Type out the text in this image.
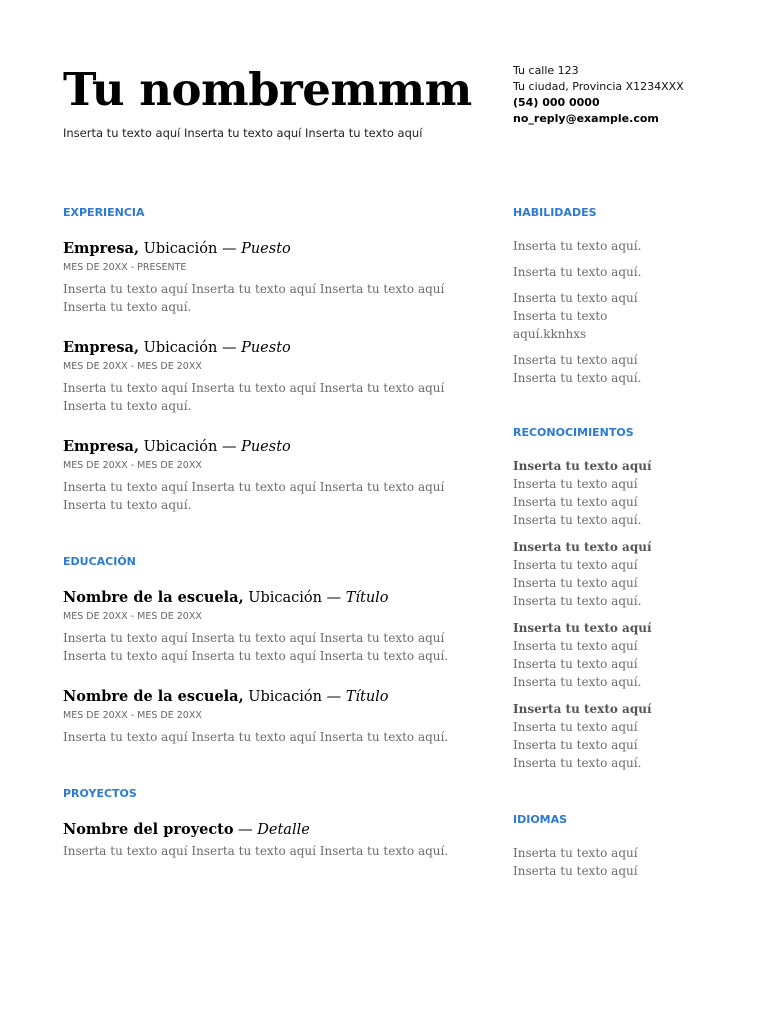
Tu nombremmm

Inserta tu texto aquí Inserta tu texto aquí Inserta tu texto aquí

Tu calle 123
Tu ciudad, Provincia X1234XXX
(54) 000 0000
no_reply@example.com
EXPERIENCIA
Empresa, Ubicación — Puesto
MES DE 20XX - PRESENTE
Inserta tu texto aquí Inserta tu texto aquí Inserta tu texto aquí Inserta tu texto aquí.
Empresa, Ubicación — Puesto
MES DE 20XX - MES DE 20XX
Inserta tu texto aquí Inserta tu texto aquí Inserta tu texto aquí Inserta tu texto aquí.
Empresa, Ubicación — Puesto
MES DE 20XX - MES DE 20XX
Inserta tu texto aquí Inserta tu texto aquí Inserta tu texto aquí Inserta tu texto aquí.
EDUCACIÓN
Nombre de la escuela, Ubicación — Título
MES DE 20XX - MES DE 20XX
Inserta tu texto aquí Inserta tu texto aquí Inserta tu texto aquí Inserta tu texto aquí Inserta tu texto aquí Inserta tu texto aquí.
Nombre de la escuela, Ubicación — Título
MES DE 20XX - MES DE 20XX
Inserta tu texto aquí Inserta tu texto aquí Inserta tu texto aquí.
PROYECTOS
Nombre del proyecto — Detalle
Inserta tu texto aquí Inserta tu texto aquí Inserta tu texto aquí.
HABILIDADES
Inserta tu texto aquí.
Inserta tu texto aquí.
Inserta tu texto aquí Inserta tu texto aquí.kknhxs
Inserta tu texto aquí Inserta tu texto aquí.
RECONOCIMIENTOS
Inserta tu texto aquí Inserta tu texto aquí Inserta tu texto aquí Inserta tu texto aquí.
Inserta tu texto aquí Inserta tu texto aquí Inserta tu texto aquí Inserta tu texto aquí.
Inserta tu texto aquí Inserta tu texto aquí Inserta tu texto aquí Inserta tu texto aquí.
Inserta tu texto aquí Inserta tu texto aquí Inserta tu texto aquí Inserta tu texto aquí.
IDIOMAS
Inserta tu texto aquí Inserta tu texto aquí
